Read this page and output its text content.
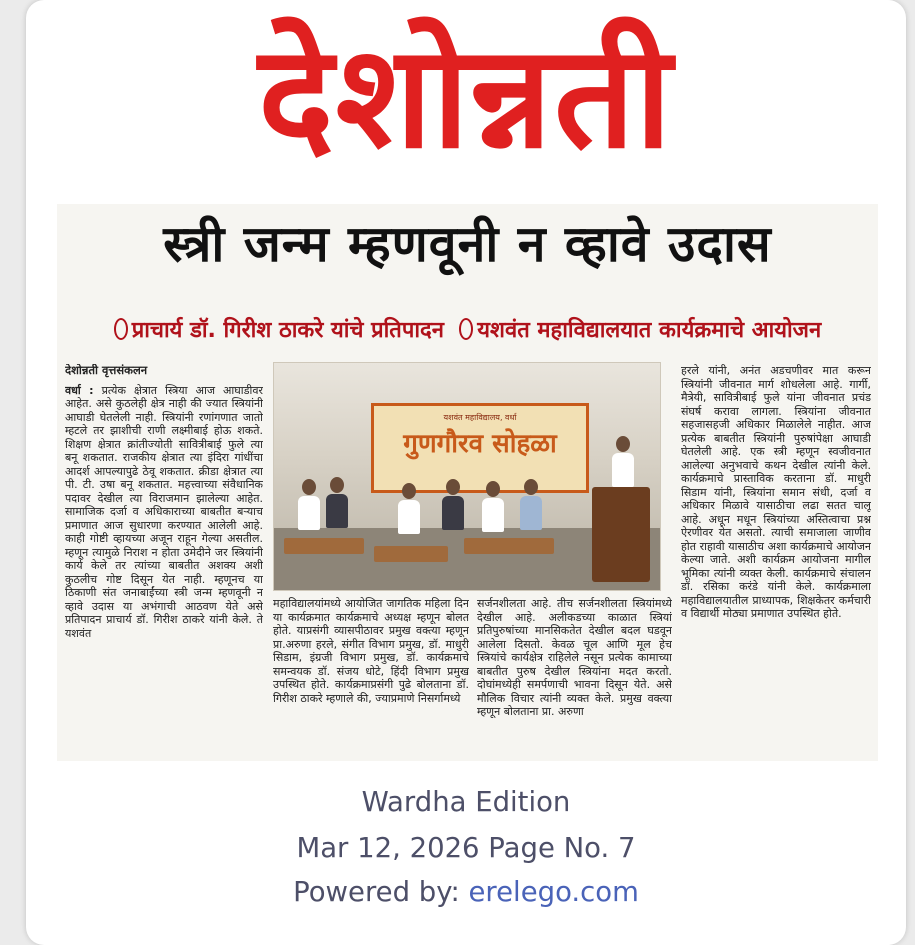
देशोन्नती
स्त्री जन्म म्हणवूनी न व्हावे उदास
प्राचार्य डॉ. गिरीश ठाकरे यांचे प्रतिपादन यशवंत महाविद्यालयात कार्यक्रमाचे आयोजन

देशोन्नती वृत्तसंकलन

वर्धा : प्रत्येक क्षेत्रात स्त्रिया आज आघाडीवर आहेत. असे कुठलेही क्षेत्र नाही की ज्यात स्त्रियांनी आघाडी घेतलेली नाही. स्त्रियांनी रणांगणात जातो म्हटले तर झाशीची राणी लक्ष्मीबाई होऊ शकते. शिक्षण क्षेत्रात क्रांतीज्योती सावित्रीबाई फुले त्या बनू शकतात. राजकीय क्षेत्रात त्या इंदिरा गांधींचा आदर्श आपल्यापुढे ठेवू शकतात. क्रीडा क्षेत्रात त्या पी. टी. उषा बनू शकतात. महत्त्वाच्या संवैधानिक पदावर देखील त्या विराजमान झालेल्या आहेत. सामाजिक दर्जा व अधिकाराच्या बाबतीत बऱ्याच प्रमाणात आज सुधारणा करण्यात आलेली आहे. काही गोष्टी व्हायच्या अजून राहून गेल्या असतील. म्हणून त्यामुळे निराश न होता उमेदीने जर स्त्रियांनी कार्य केले तर त्यांच्या बाबतीत अशक्य अशी कुठलीच गोष्ट दिसून येत नाही. म्हणूनच या ठिकाणी संत जनाबाईंच्या स्त्री जन्म म्हणवूनी न व्हावे उदास या अभंगाची आठवण येते असे प्रतिपादन प्राचार्य डॉ. गिरीश ठाकरे यांनी केले. ते यशवंत

यशवंत महाविद्यालय, वर्धा
गुणगौरव सोहळा

महाविद्यालयांमध्ये आयोजित जागतिक महिला दिन या कार्यक्रमात कार्यक्रमाचे अध्यक्ष म्हणून बोलत होते. याप्रसंगी व्यासपीठावर प्रमुख वक्त्या म्हणून प्रा.अरुणा हरले, संगीत विभाग प्रमुख, डॉ. माधुरी सिडाम, इंग्रजी विभाग प्रमुख, डॉ. कार्यक्रमाचे समन्वयक डॉ. संजय धोटे, हिंदी विभाग प्रमुख उपस्थित होते. कार्यक्रमाप्रसंगी पुढे बोलताना डॉ. गिरीश ठाकरे म्हणाले की, ज्याप्रमाणे निसर्गामध्ये

सर्जनशीलता आहे. तीच सर्जनशीलता स्त्रियांमध्ये देखील आहे. अलीकडच्या काळात स्त्रियां प्रतिपुरुषांच्या मानसिकतेत देखील बदल घडवून आलेला दिसतो. केवळ चूल आणि मूल हेच स्त्रियांचे कार्यक्षेत्र राहिलेले नसून प्रत्येक कामाच्या बाबतीत पुरुष देखील स्त्रियांना मदत करतो. दोघांमध्येही समर्पणाची भावना दिसून येते. असे मौलिक विचार त्यांनी व्यक्त केले. प्रमुख वक्त्या म्हणून बोलताना प्रा. अरुणा

हरले यांनी, अनंत अडचणीवर मात करून स्त्रियांनी जीवनात मार्ग शोधलेला आहे. गार्गी, मैत्रेयी, सावित्रीबाई फुले यांना जीवनात प्रचंड संघर्ष करावा लागला. स्त्रियांना जीवनात सहजासहजी अधिकार मिळालेले नाहीत. आज प्रत्येक बाबतीत स्त्रियांनी पुरुषांपेक्षा आघाडी घेतलेली आहे. एक स्त्री म्हणून स्वजीवनात आलेल्या अनुभवाचे कथन देखील त्यांनी केले. कार्यक्रमाचे प्रास्ताविक करताना डॉ. माधुरी सिडाम यांनी, स्त्रियांना समान संधी, दर्जा व अधिकार मिळावे यासाठीचा लढा सतत चालू आहे. अधून मधून स्त्रियांच्या अस्तित्वाचा प्रश्न ऐरणीवर येत असतो. त्याची समाजाला जाणीव होत राहावी यासाठीच अशा कार्यक्रमाचे आयोजन केल्या जाते. अशी कार्यक्रम आयोजना मागील भूमिका त्यांनी व्यक्त केली. कार्यक्रमाचे संचालन डॉ. रसिका करंडे यांनी केले. कार्यक्रमाला महाविद्यालयातील प्राध्यापक, शिक्षकेतर कर्मचारी व विद्यार्थी मोठ्या प्रमाणात उपस्थित होते.

Wardha Edition
Mar 12, 2026 Page No. 7
Powered by: erelego.com
